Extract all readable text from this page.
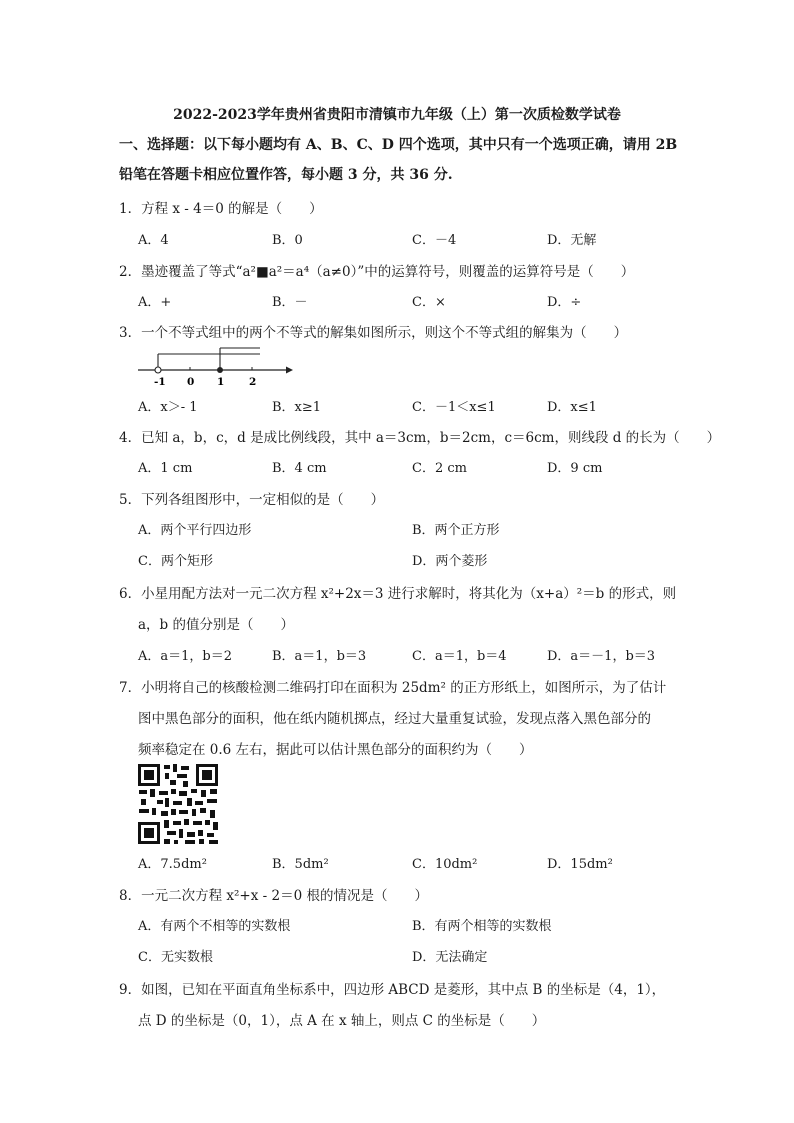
2022-2023学年贵州省贵阳市清镇市九年级（上）第一次质检数学试卷
一、选择题：以下每小题均有 A、B、C、D 四个选项，其中只有一个选项正确，请用 2B
铅笔在答题卡相应位置作答，每小题 3 分，共 36 分.
1．方程 x - 4＝0 的解是（　　）
A．4	B．0	C．－4	D．无解
2．墨迹覆盖了等式“a²■a²＝a⁴（a≠0）”中的运算符号，则覆盖的运算符号是（　　）
A．+	B．－	C．×	D．÷
3．一个不等式组中的两个不等式的解集如图所示，则这个不等式组的解集为（　　）
-1 0 1 2
A．x＞- 1	B．x≥1	C．－1＜x≤1	D．x≤1
4．已知 a，b，c，d 是成比例线段，其中 a＝3cm，b＝2cm，c＝6cm，则线段 d 的长为（　　）
A．1 cm	B．4 cm	C．2 cm	D．9 cm
5．下列各组图形中，一定相似的是（　　）
A．两个平行四边形	B．两个正方形
C．两个矩形	D．两个菱形
6．小星用配方法对一元二次方程 x²+2x＝3 进行求解时，将其化为（x+a）²＝b 的形式，则
a，b 的值分别是（　　）
A．a＝1，b＝2	B．a＝1，b＝3	C．a＝1，b＝4	D．a＝－1，b＝3
7．小明将自己的核酸检测二维码打印在面积为 25dm² 的正方形纸上，如图所示，为了估计
图中黑色部分的面积，他在纸内随机掷点，经过大量重复试验，发现点落入黑色部分的
频率稳定在 0.6 左右，据此可以估计黑色部分的面积约为（　　）
A．7.5dm²	B．5dm²	C．10dm²	D．15dm²
8．一元二次方程 x²+x - 2＝0 根的情况是（　　）
A．有两个不相等的实数根	B．有两个相等的实数根
C．无实数根	D．无法确定
9．如图，已知在平面直角坐标系中，四边形 ABCD 是菱形，其中点 B 的坐标是（4，1），
点 D 的坐标是（0，1），点 A 在 x 轴上，则点 C 的坐标是（　　）
